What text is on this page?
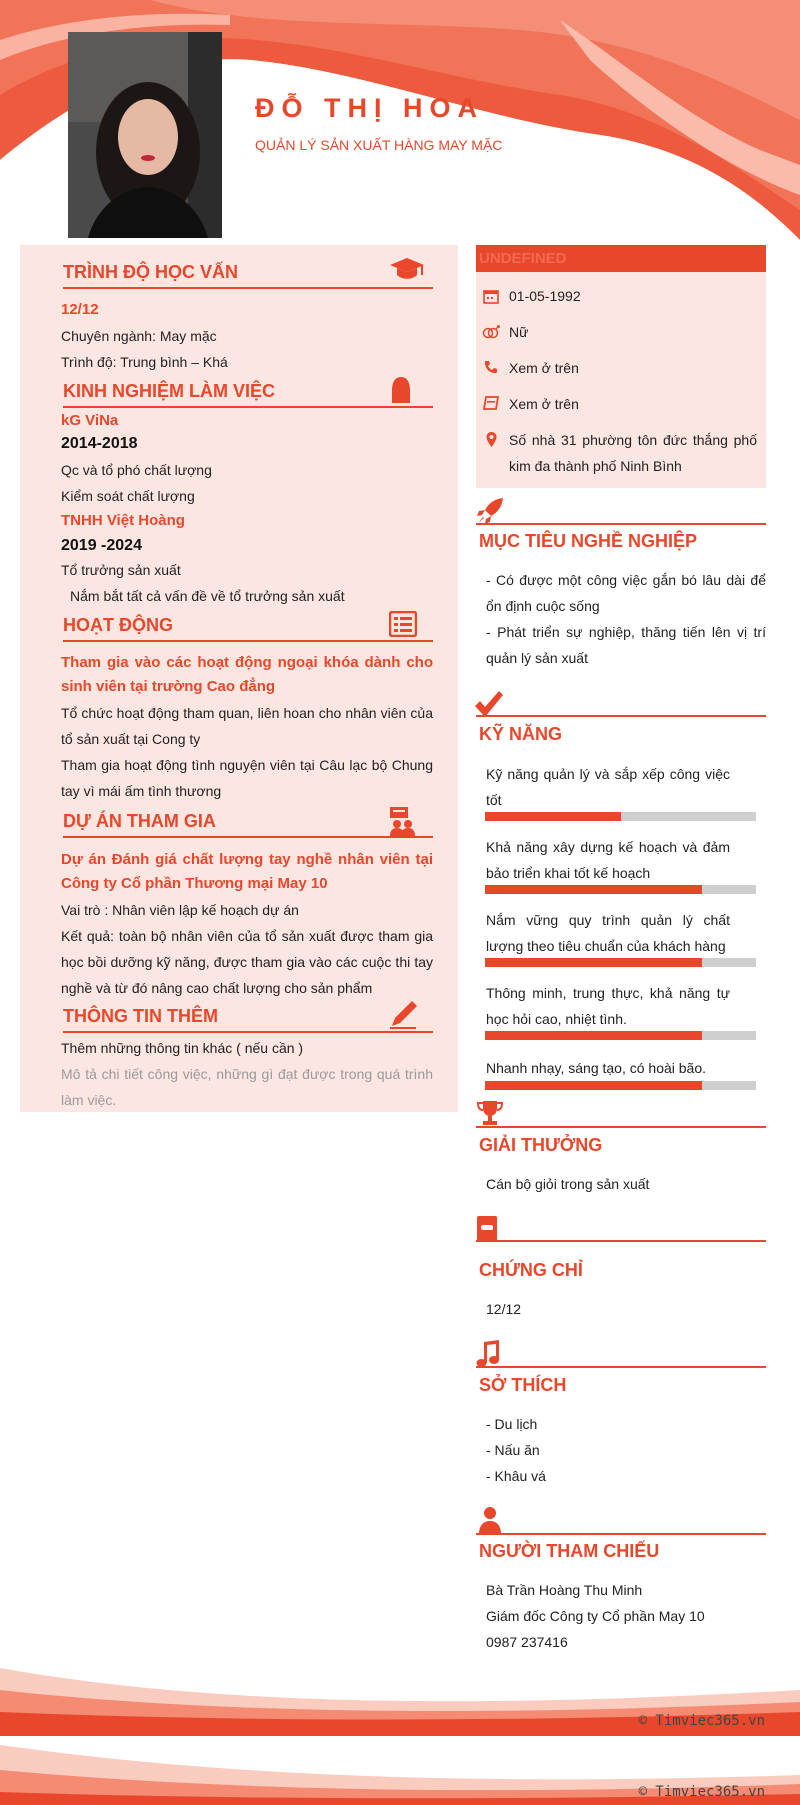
ĐỖ THỊ HOA
QUẢN LÝ SẢN XUẤT HÀNG MAY MẶC
TRÌNH ĐỘ HỌC VẤN
12/12
Chuyên ngành: May mặc
Trình độ: Trung bình – Khá
KINH NGHIỆM LÀM VIỆC
kG ViNa
2014-2018
Qc và tổ phó chất lượng
Kiểm soát chất lượng
TNHH Việt Hoàng
2019 -2024
Tổ trưởng sản xuất
Nắm bắt tất cả vấn đề về tổ trưởng sản xuất
HOẠT ĐỘNG
Tham gia vào các hoạt động ngoại khóa dành cho sinh viên tại trường Cao đẳng
Tổ chức hoạt động tham quan, liên hoan cho nhân viên của tổ sản xuất tại Cong ty
Tham gia hoạt động tình nguyện viên tại Câu lạc bộ Chung tay vì mái ấm tình thương
DỰ ÁN THAM GIA
Dự án Đánh giá chất lượng tay nghề nhân viên tại Công ty Cổ phần Thương mại May 10
Vai trò : Nhân viên lập kế hoạch dự án
Kết quả: toàn bộ nhân viên của tổ sản xuất được tham gia học bồi dưỡng kỹ năng, được tham gia vào các cuộc thi tay nghề và từ đó nâng cao chất lượng cho sản phẩm
THÔNG TIN THÊM
Thêm những thông tin khác ( nếu cần )
Mô tả chi tiết công việc, những gì đạt được trong quá trình làm việc.
UNDEFINED
01-05-1992
Nữ
Xem ở trên
Xem ở trên
Số nhà 31 phường tôn đức thắng phố kim đa thành phố Ninh Bình
MỤC TIÊU NGHỀ NGHIỆP
- Có được một công việc gắn bó lâu dài để ổn định cuộc sống
- Phát triển sự nghiệp, thăng tiến lên vị trí quản lý sản xuất
KỸ NĂNG
Kỹ năng quản lý và sắp xếp công việc tốt
Khả năng xây dựng kế hoạch và đảm bảo triển khai tốt kế hoạch
Nắm vững quy trình quản lý chất lượng theo tiêu chuẩn của khách hàng
Thông minh, trung thực, khả năng tự học hỏi cao, nhiệt tình.
Nhanh nhạy, sáng tạo, có hoài bão.
GIẢI THƯỞNG
Cán bộ giỏi trong sản xuất
CHỨNG CHỈ
12/12
SỞ THÍCH
- Du lịch
- Nấu ăn
- Khâu vá
NGƯỜI THAM CHIẾU
Bà Trần Hoàng Thu Minh
Giám đốc Công ty Cổ phần May 10
0987 237416
© Timviec365.vn
© Timviec365.vn
